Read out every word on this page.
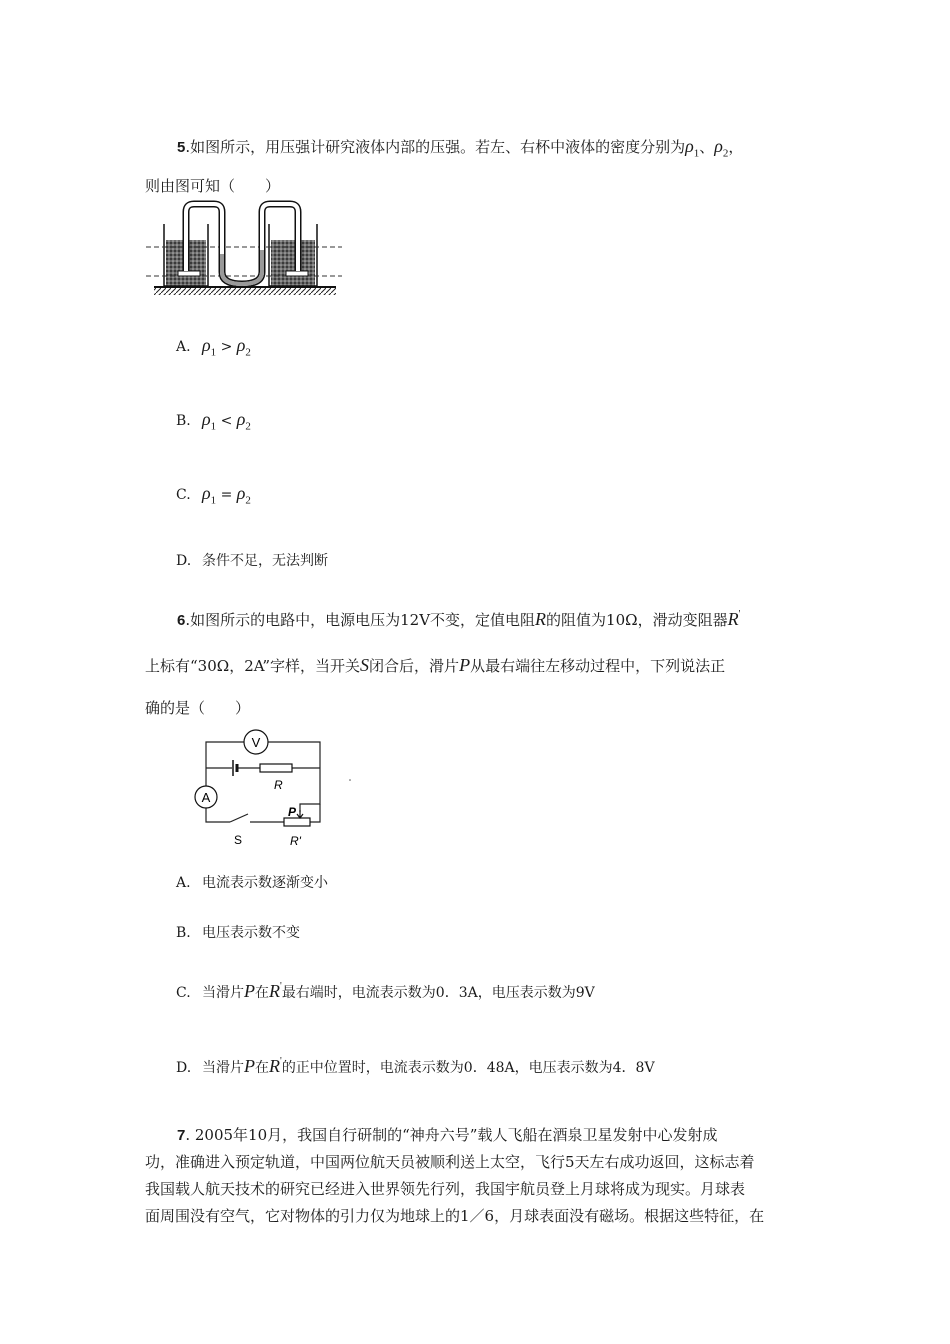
5.如图所示，用压强计研究液体内部的压强。若左、右杯中液体的密度分别为$\rho_1$、$\rho_2$，
则由图可知（　　）
A. $\rho_1 > \rho_2$
B. $\rho_1 < \rho_2$
C. $\rho_1 = \rho_2$
D. 条件不足，无法判断
6.如图所示的电路中，电源电压为12V不变，定值电阻R的阻值为10Ω，滑动变阻器R'
上标有“30Ω，2A”字样，当开关S闭合后，滑片P从最右端往左移动过程中，下列说法正
确的是（　　）
V
A
R
S
P
R'
A. 电流表示数逐渐变小
B. 电压表示数不变
C. 当滑片P在R'最右端时，电流表示数为0．3A，电压表示数为9V
D. 当滑片P在R'的正中位置时，电流表示数为0．48A，电压表示数为4．8V

7. 2005年10月，我国自行研制的“神舟六号”载人飞船在酒泉卫星发射中心发射成

功，准确进入预定轨道，中国两位航天员被顺利送上太空，飞行5天左右成功返回，这标志着

我国载人航天技术的研究已经进入世界领先行列，我国宇航员登上月球将成为现实。月球表

面周围没有空气，它对物体的引力仅为地球上的1／6，月球表面没有磁场。根据这些特征，在
